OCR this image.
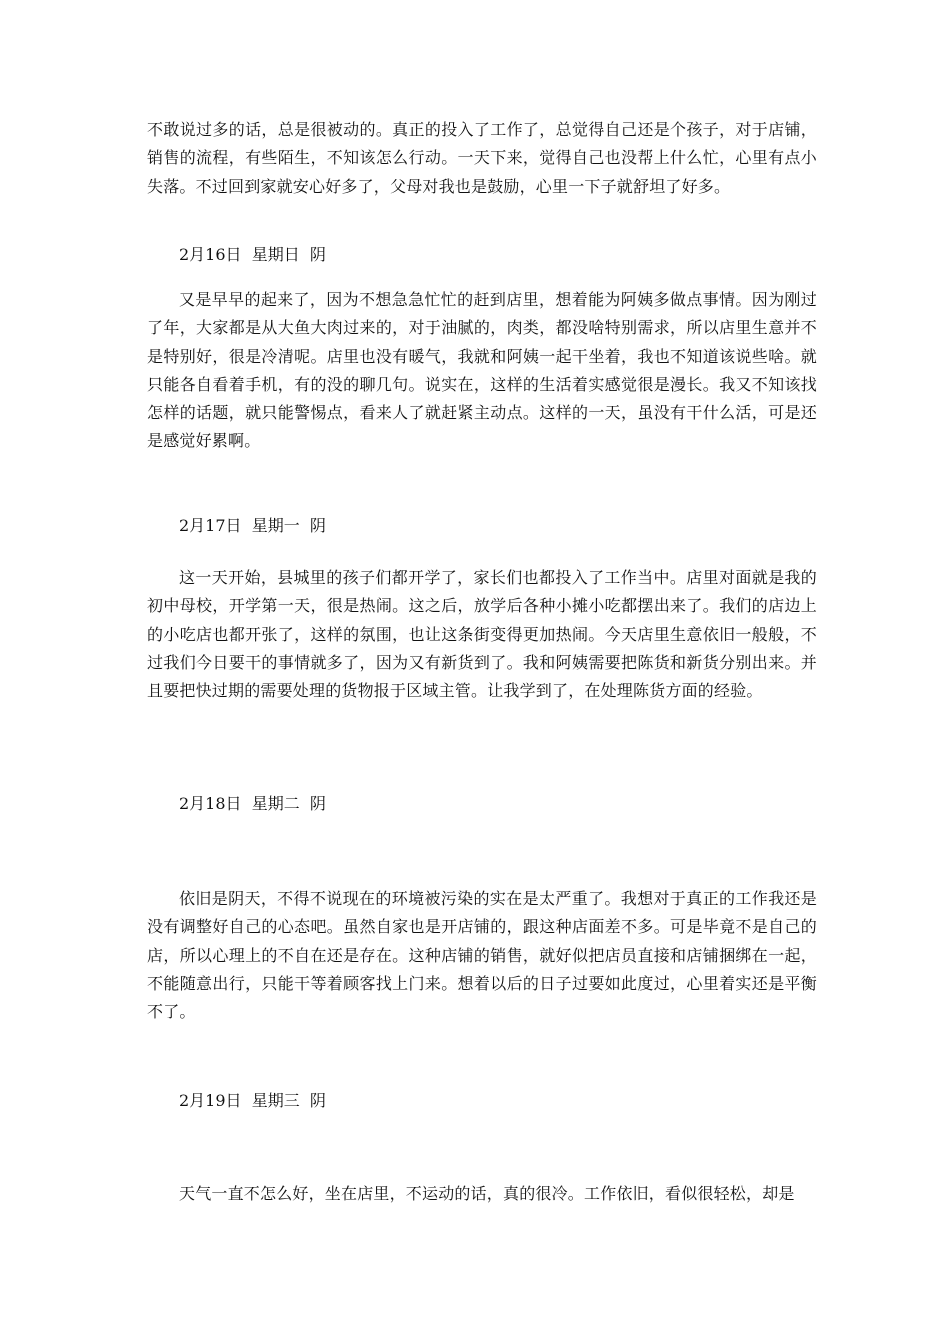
不敢说过多的话，总是很被动的。真正的投入了工作了，总觉得自己还是个孩子，对于店铺，销售的流程，有些陌生，不知该怎么行动。一天下来，觉得自己也没帮上什么忙，心里有点小失落。不过回到家就安心好多了，父母对我也是鼓励，心里一下子就舒坦了好多。

2月16日  星期日  阴

又是早早的起来了，因为不想急急忙忙的赶到店里，想着能为阿姨多做点事情。因为刚过了年，大家都是从大鱼大肉过来的，对于油腻的，肉类，都没啥特别需求，所以店里生意并不是特别好，很是冷清呢。店里也没有暖气，我就和阿姨一起干坐着，我也不知道该说些啥。就只能各自看着手机，有的没的聊几句。说实在，这样的生活着实感觉很是漫长。我又不知该找怎样的话题，就只能警惕点，看来人了就赶紧主动点。这样的一天，虽没有干什么活，可是还是感觉好累啊。

2月17日  星期一  阴

这一天开始，县城里的孩子们都开学了，家长们也都投入了工作当中。店里对面就是我的初中母校，开学第一天，很是热闹。这之后，放学后各种小摊小吃都摆出来了。我们的店边上的小吃店也都开张了，这样的氛围，也让这条街变得更加热闹。今天店里生意依旧一般般，不过我们今日要干的事情就多了，因为又有新货到了。我和阿姨需要把陈货和新货分别出来。并且要把快过期的需要处理的货物报于区域主管。让我学到了，在处理陈货方面的经验。

2月18日  星期二  阴

依旧是阴天，不得不说现在的环境被污染的实在是太严重了。我想对于真正的工作我还是没有调整好自己的心态吧。虽然自家也是开店铺的，跟这种店面差不多。可是毕竟不是自己的店，所以心理上的不自在还是存在。这种店铺的销售，就好似把店员直接和店铺捆绑在一起，不能随意出行，只能干等着顾客找上门来。想着以后的日子过要如此度过，心里着实还是平衡不了。

2月19日  星期三  阴

天气一直不怎么好，坐在店里，不运动的话，真的很冷。工作依旧，看似很轻松，却是
